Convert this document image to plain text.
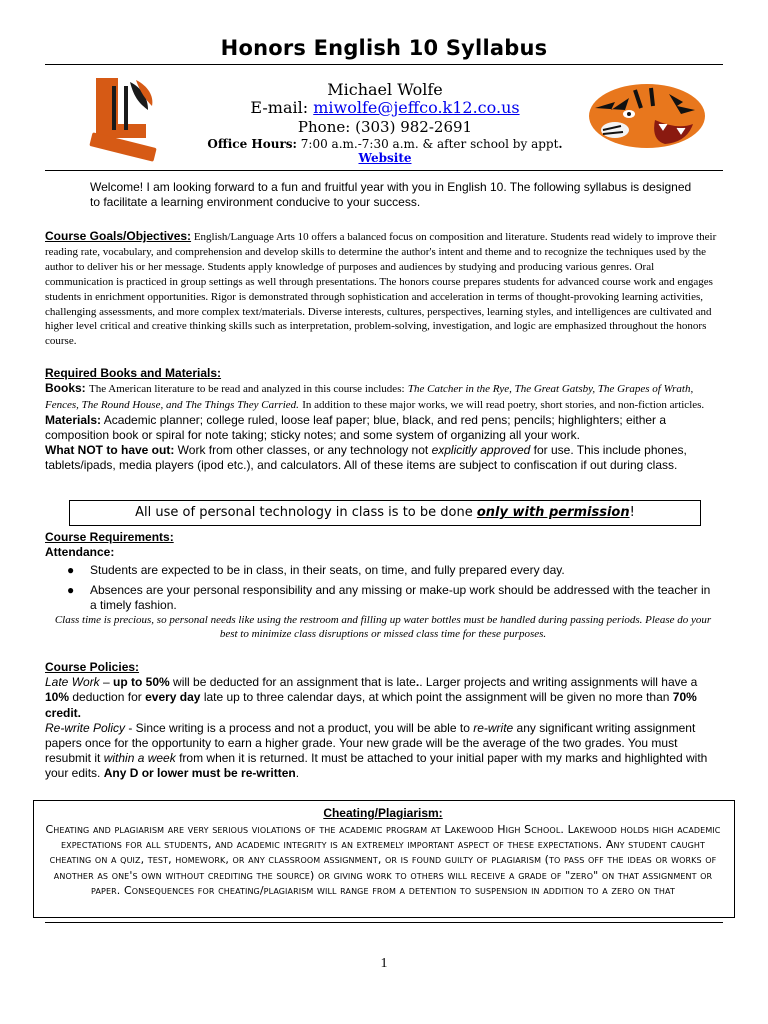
Honors English 10 Syllabus
Michael Wolfe
E-mail: miwolfe@jeffco.k12.co.us
Phone: (303) 982-2691
Office Hours: 7:00 a.m.-7:30 a.m. & after school by appt.
Website
Welcome! I am looking forward to a fun and fruitful year with you in English 10. The following syllabus is designed to facilitate a learning environment conducive to your success.
Course Goals/Objectives: English/Language Arts 10 offers a balanced focus on composition and literature. Students read widely to improve their reading rate, vocabulary, and comprehension and develop skills to determine the author's intent and theme and to recognize the techniques used by the author to deliver his or her message. Students apply knowledge of purposes and audiences by studying and producing various genres. Oral communication is practiced in group settings as well through presentations. The honors course prepares students for advanced course work and engages students in enrichment opportunities. Rigor is demonstrated through sophistication and acceleration in terms of thought-provoking learning activities, challenging assessments, and more complex text/materials. Diverse interests, cultures, perspectives, learning styles, and intelligences are cultivated and higher level critical and creative thinking skills such as interpretation, problem-solving, investigation, and logic are emphasized throughout the honors course.
Required Books and Materials:
Books: The American literature to be read and analyzed in this course includes: The Catcher in the Rye, The Great Gatsby, The Grapes of Wrath, Fences, The Round House, and The Things They Carried. In addition to these major works, we will read poetry, short stories, and non-fiction articles.
Materials: Academic planner; college ruled, loose leaf paper; blue, black, and red pens; pencils; highlighters; either a composition book or spiral for note taking; sticky notes; and some system of organizing all your work.
What NOT to have out: Work from other classes, or any technology not explicitly approved for use. This include phones, tablets/ipads, media players (ipod etc.), and calculators. All of these items are subject to confiscation if out during class.
All use of personal technology in class is to be done only with permission!
Course Requirements:
Attendance:
● Students are expected to be in class, in their seats, on time, and fully prepared every day.
● Absences are your personal responsibility and any missing or make-up work should be addressed with the teacher in a timely fashion.
Class time is precious, so personal needs like using the restroom and filling up water bottles must be handled during passing periods. Please do your best to minimize class disruptions or missed class time for these purposes.
Course Policies:
Late Work – up to 50% will be deducted for an assignment that is late.. Larger projects and writing assignments will have a 10% deduction for every day late up to three calendar days, at which point the assignment will be given no more than 70% credit.
Re-write Policy - Since writing is a process and not a product, you will be able to re-write any significant writing assignment papers once for the opportunity to earn a higher grade. Your new grade will be the average of the two grades. You must resubmit it within a week from when it is returned. It must be attached to your initial paper with my marks and highlighted with your edits. Any D or lower must be re-written.
Cheating/Plagiarism:
Cheating and plagiarism are very serious violations of the academic program at Lakewood High School. Lakewood holds high academic expectations for all students, and academic integrity is an extremely important aspect of these expectations. Any student caught cheating on a quiz, test, homework, or any classroom assignment, or is found guilty of plagiarism (to pass off the ideas or works of another as one's own without crediting the source) or giving work to others will receive a grade of "zero" on that assignment or paper. Consequences for cheating/plagiarism will range from a detention to suspension in addition to a zero on that
1
